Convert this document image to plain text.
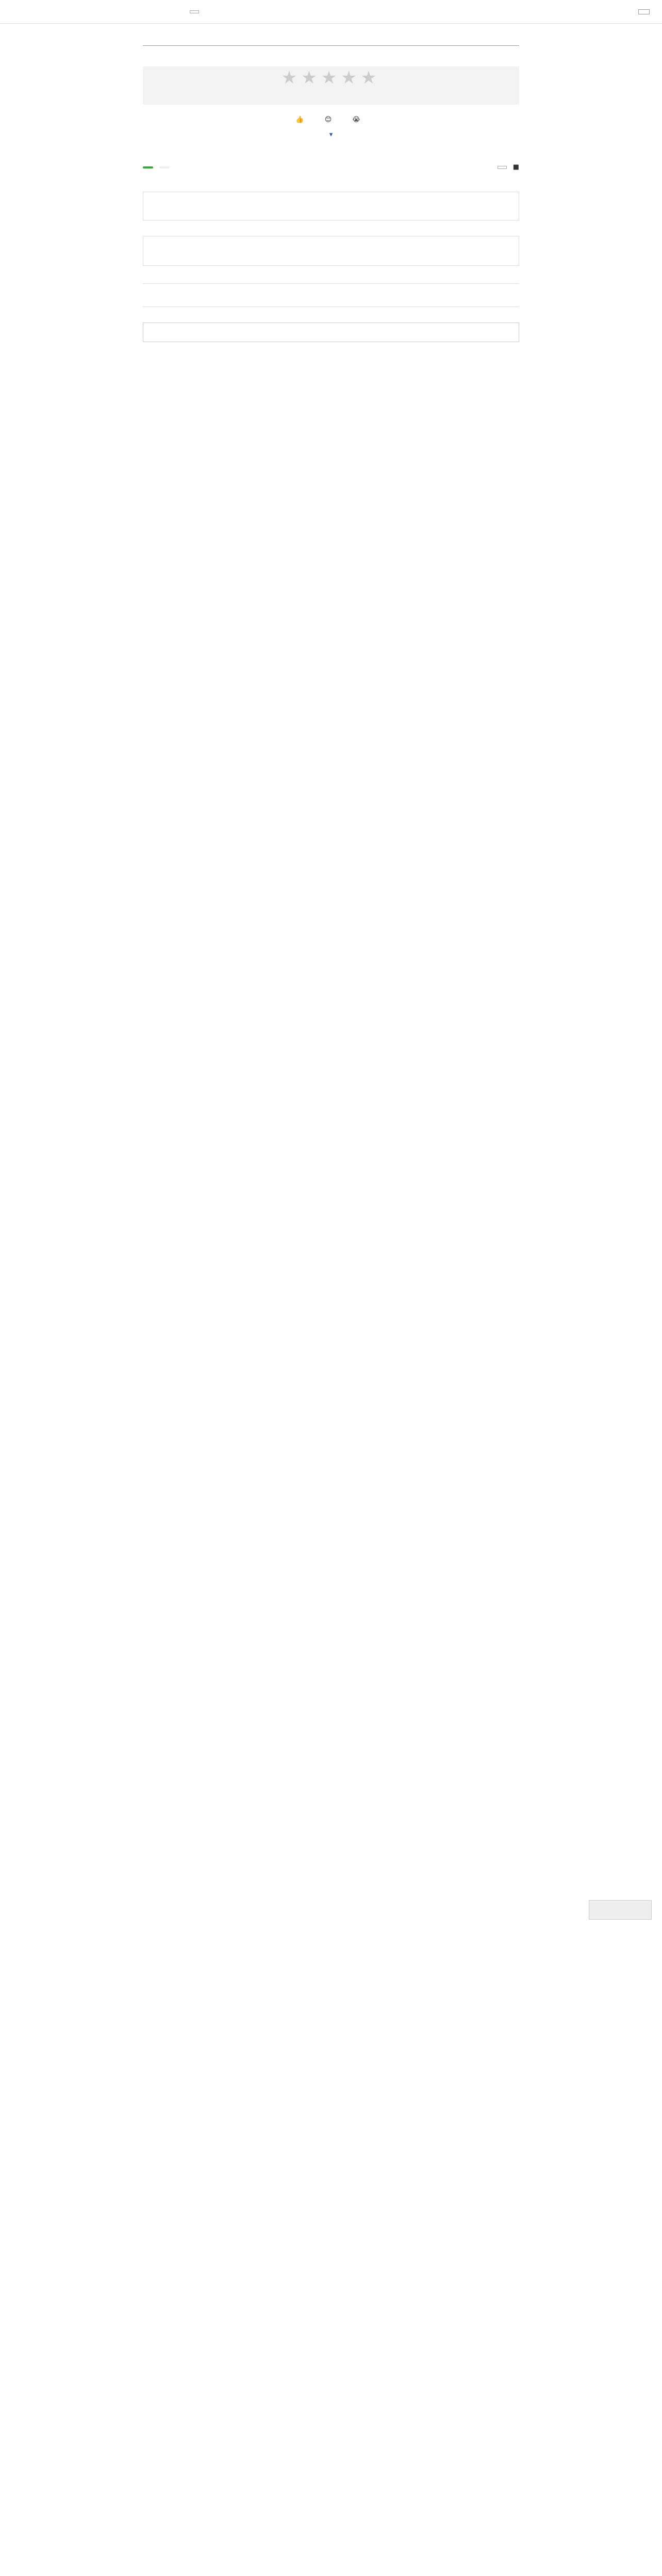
★★★★★
👍	😊	😭
▾
■
